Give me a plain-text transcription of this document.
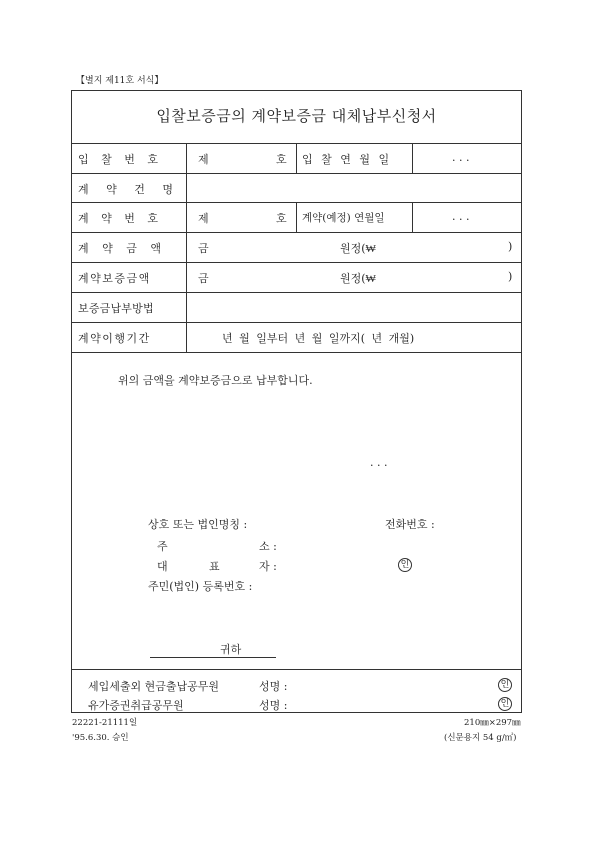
【별지 제11호 서식】
입찰보증금의 계약보증금 대체납부신청서
입 찰 번 호	제	호 입 찰 연 월 일	. . .
계 약 건 명
계 약 번 호	제	호 계약(예정) 연월일	. . .
계 약 금 액	금	원정(₩	)
계약보증금액	금	원정(₩	)
보증금납부방법
계약이행기간	년 월 일부터 년 월 일까지( 년 개월)
위의 금액을 계약보증금으로 납부합니다.
. . .
상호 또는 법인명칭 :	전화번호 :
주	소 :
대	표	자 :	인
주민(법인) 등록번호 :
귀하
세입세출외 현금출납공무원	성명 :	인
유가증권취급공무원	성명 :	인
22221-21111일	210㎜×297㎜
'95.6.30. 승인	(신문용지 54 g/㎡)
